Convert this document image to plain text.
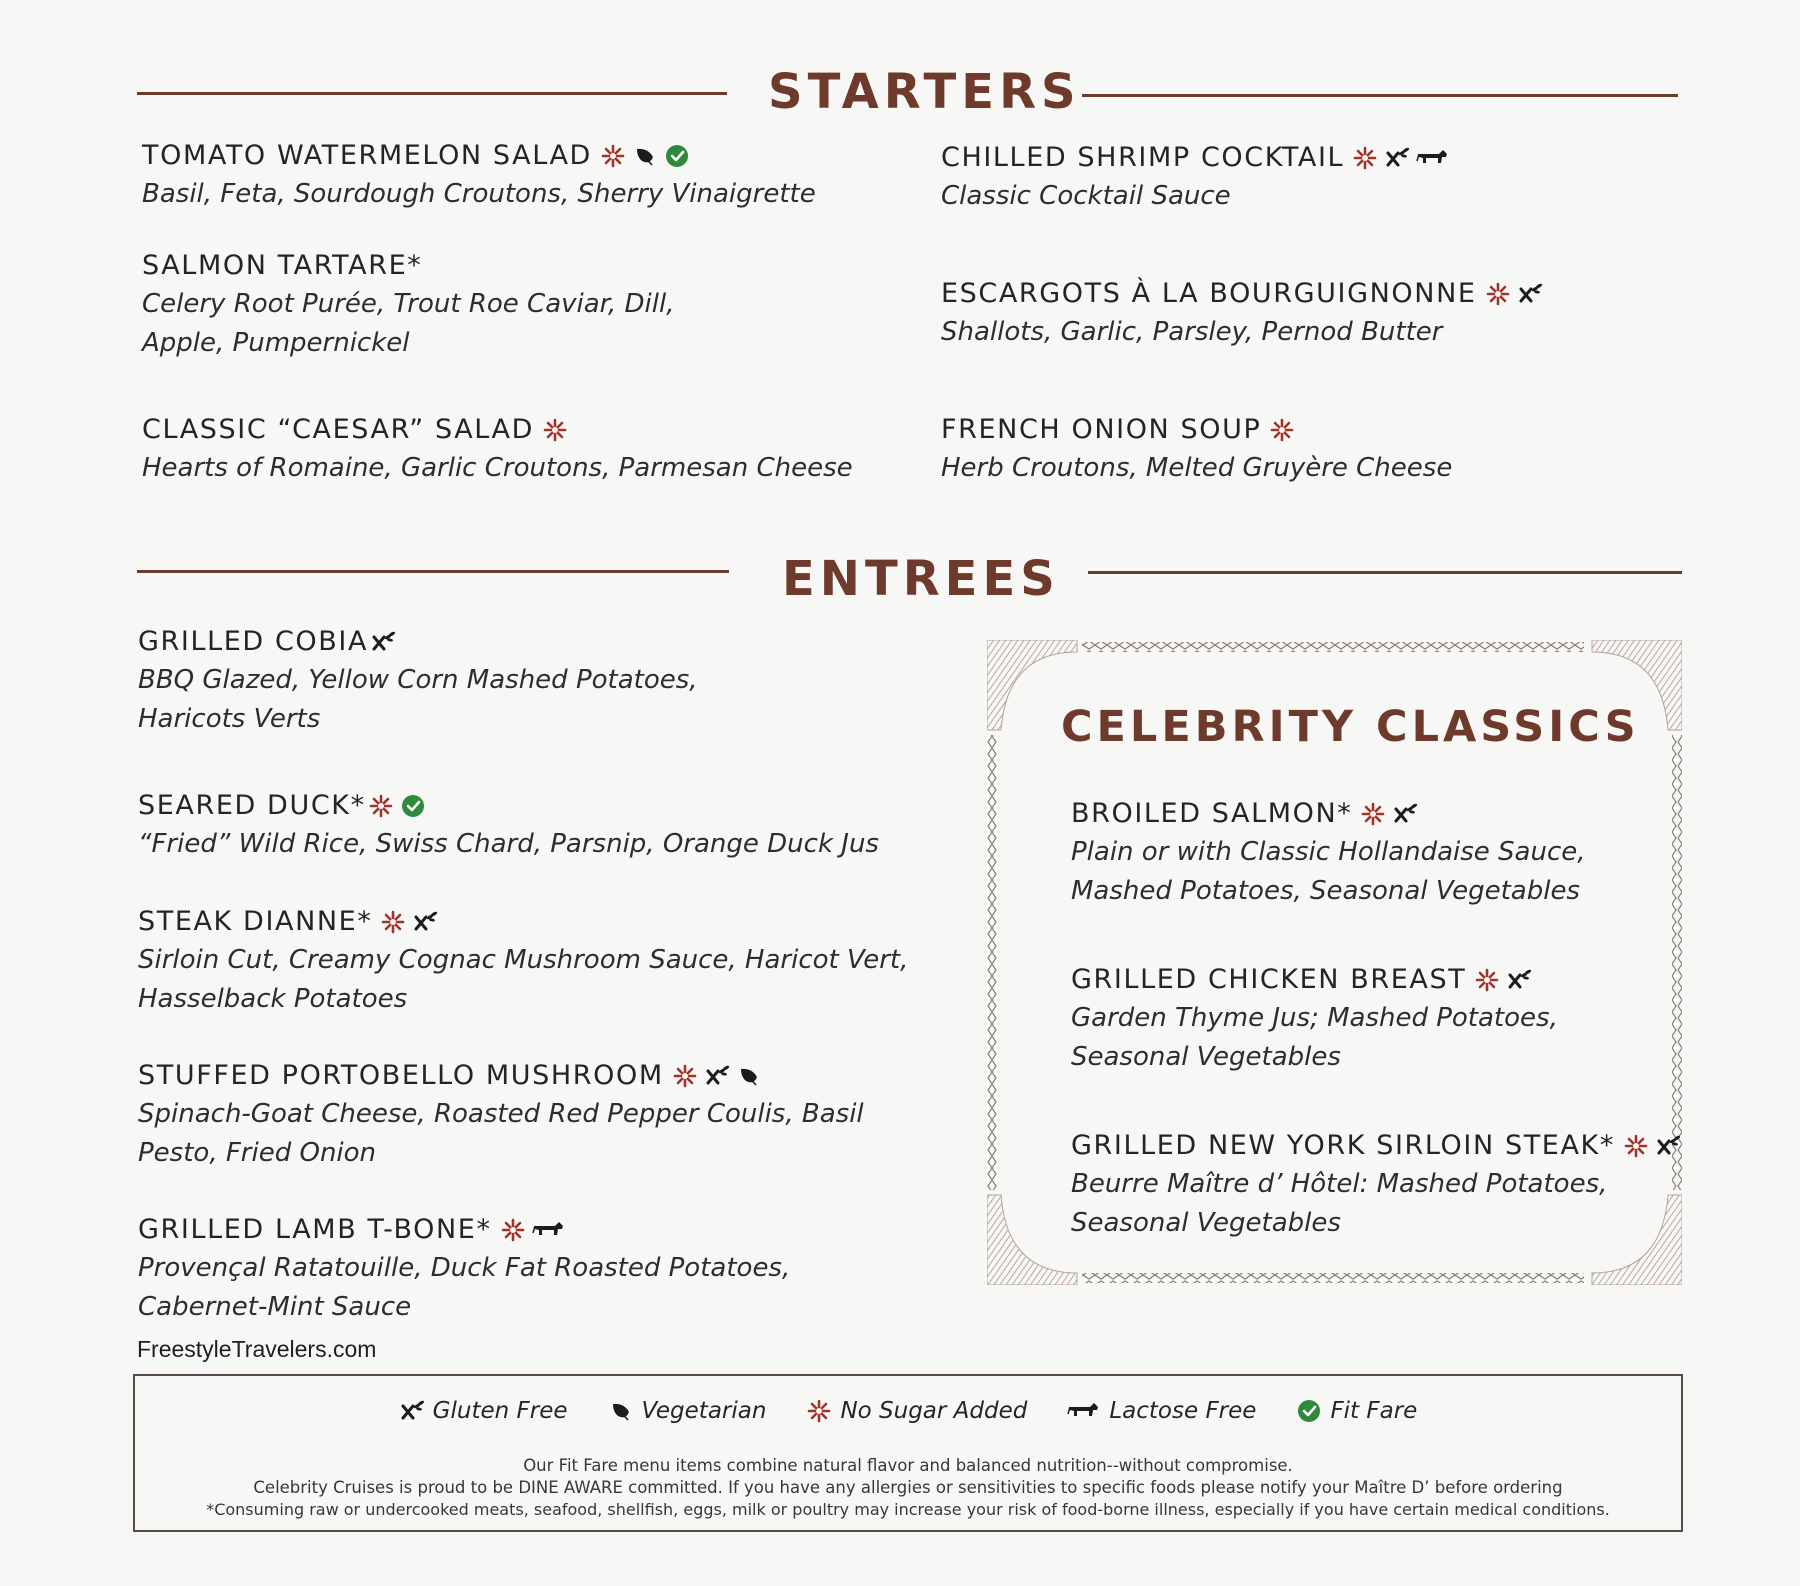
STARTERS
TOMATO WATERMELON SALAD
Basil, Feta, Sourdough Croutons, Sherry Vinaigrette
SALMON TARTARE*
Celery Root Purée, Trout Roe Caviar, Dill,
Apple, Pumpernickel
CLASSIC “CAESAR” SALAD
Hearts of Romaine, Garlic Croutons, Parmesan Cheese
CHILLED SHRIMP COCKTAIL
Classic Cocktail Sauce
ESCARGOTS À LA BOURGUIGNONNE
Shallots, Garlic, Parsley, Pernod Butter
FRENCH ONION SOUP
Herb Croutons, Melted Gruyère Cheese
ENTREES
GRILLED COBIA
BBQ Glazed, Yellow Corn Mashed Potatoes,
Haricots Verts
SEARED DUCK*
“Fried” Wild Rice, Swiss Chard, Parsnip, Orange Duck Jus
STEAK DIANNE*
Sirloin Cut, Creamy Cognac Mushroom Sauce, Haricot Vert,
Hasselback Potatoes
STUFFED PORTOBELLO MUSHROOM
Spinach-Goat Cheese, Roasted Red Pepper Coulis, Basil
Pesto, Fried Onion
GRILLED LAMB T-BONE*
Provençal Ratatouille, Duck Fat Roasted Potatoes,
Cabernet-Mint Sauce
CELEBRITY CLASSICS
BROILED SALMON*
Plain or with Classic Hollandaise Sauce,
Mashed Potatoes, Seasonal Vegetables
GRILLED CHICKEN BREAST
Garden Thyme Jus; Mashed Potatoes,
Seasonal Vegetables
GRILLED NEW YORK SIRLOIN STEAK*
Beurre Maître d’ Hôtel: Mashed Potatoes,
Seasonal Vegetables
FreestyleTravelers.com
Gluten Free	Vegetarian	No Sugar Added	Lactose Free	Fit Fare
Our Fit Fare menu items combine natural flavor and balanced nutrition--without compromise.
Celebrity Cruises is proud to be DINE AWARE committed. If you have any allergies or sensitivities to specific foods please notify your Maître D’ before ordering
*Consuming raw or undercooked meats, seafood, shellfish, eggs, milk or poultry may increase your risk of food-borne illness, especially if you have certain medical conditions.
